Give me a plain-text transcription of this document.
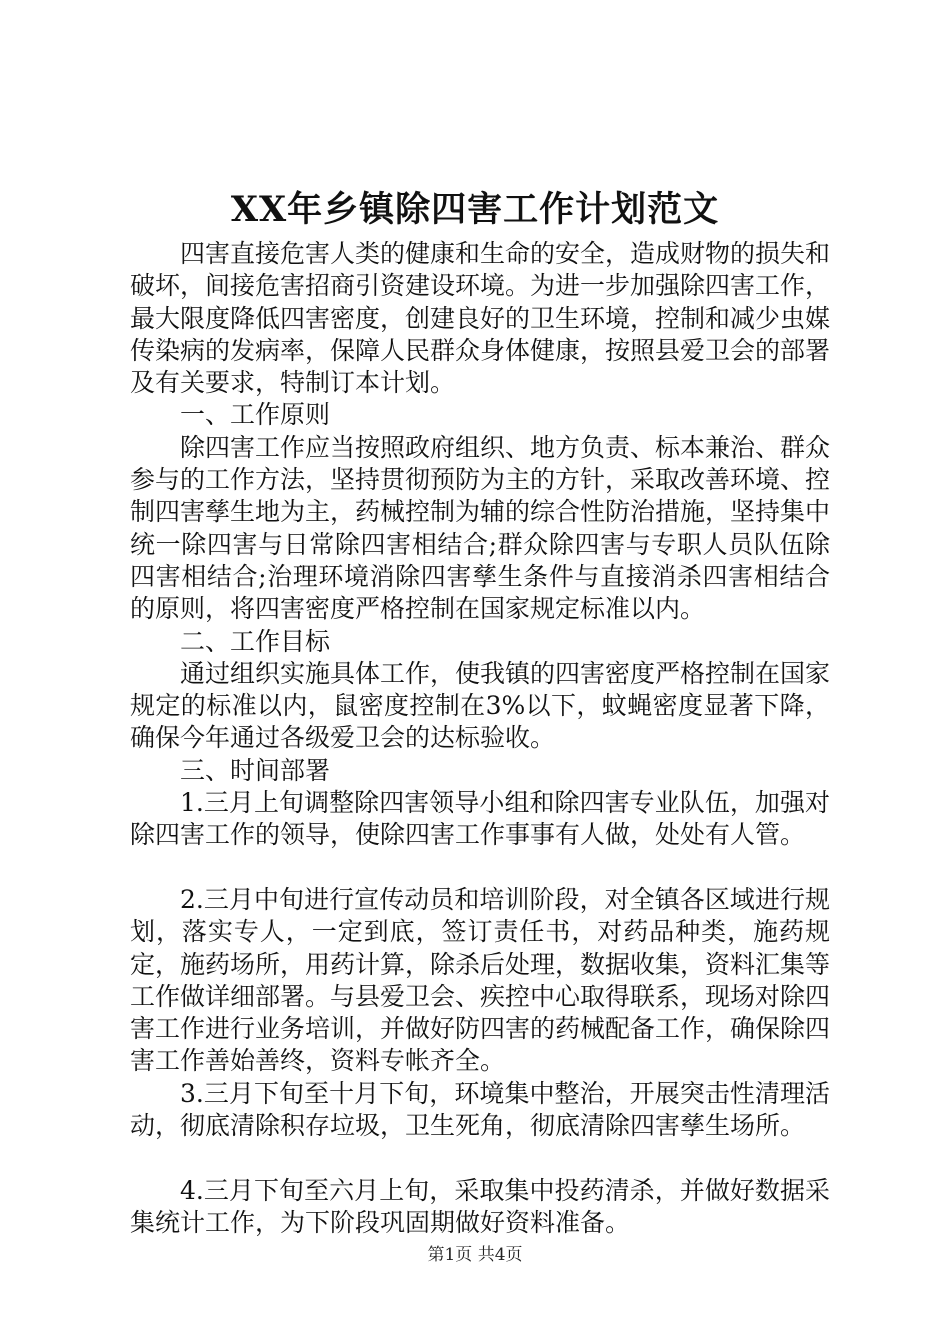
XX年乡镇除四害工作计划范文

四害直接危害人类的健康和生命的安全，造成财物的损失和破坏，间接危害招商引资建设环境。为进一步加强除四害工作，最大限度降低四害密度，创建良好的卫生环境，控制和减少虫媒传染病的发病率，保障人民群众身体健康，按照县爱卫会的部署及有关要求，特制订本计划。

一、工作原则

除四害工作应当按照政府组织、地方负责、标本兼治、群众参与的工作方法，坚持贯彻预防为主的方针，采取改善环境、控制四害孳生地为主，药械控制为辅的综合性防治措施，坚持集中统一除四害与日常除四害相结合;群众除四害与专职人员队伍除四害相结合;治理环境消除四害孳生条件与直接消杀四害相结合的原则，将四害密度严格控制在国家规定标准以内。

二、工作目标

通过组织实施具体工作，使我镇的四害密度严格控制在国家规定的标准以内，鼠密度控制在3%以下，蚊蝇密度显著下降，确保今年通过各级爱卫会的达标验收。

三、时间部署

1.三月上旬调整除四害领导小组和除四害专业队伍，加强对除四害工作的领导，使除四害工作事事有人做，处处有人管。

2.三月中旬进行宣传动员和培训阶段，对全镇各区域进行规划，落实专人，一定到底，签订责任书，对药品种类，施药规定，施药场所，用药计算，除杀后处理，数据收集，资料汇集等工作做详细部署。与县爱卫会、疾控中心取得联系，现场对除四害工作进行业务培训，并做好防四害的药械配备工作，确保除四害工作善始善终，资料专帐齐全。

3.三月下旬至十月下旬，环境集中整治，开展突击性清理活动，彻底清除积存垃圾，卫生死角，彻底清除四害孳生场所。

4.三月下旬至六月上旬，采取集中投药清杀，并做好数据采集统计工作，为下阶段巩固期做好资料准备。

第1页 共4页
